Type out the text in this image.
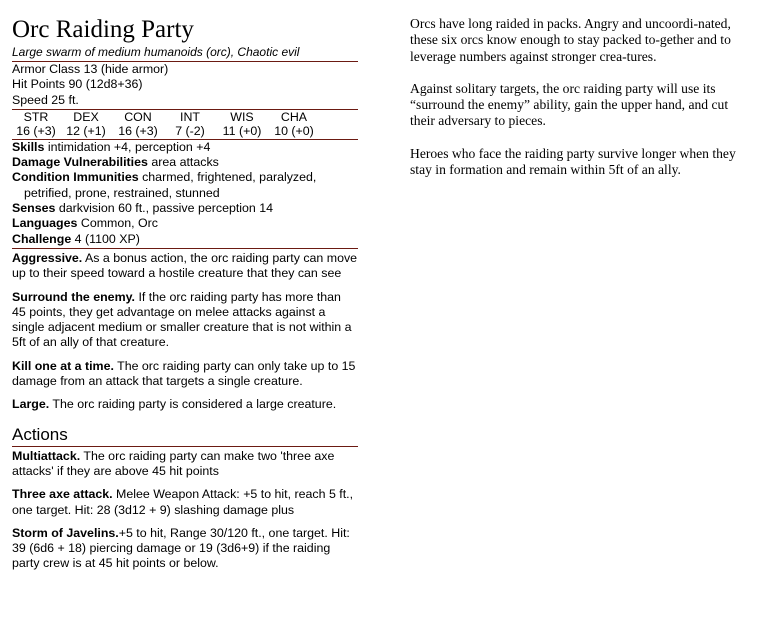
Orc Raiding Party
Large swarm of medium humanoids (orc), Chaotic evil
Armor Class 13 (hide armor)
Hit Points 90 (12d8+36)
Speed 25 ft.
STR
16 (+3)
DEX
12 (+1)
CON
16 (+3)
INT
7 (-2)
WIS
11 (+0)
CHA
10 (+0)
Skills intimidation +4, perception +4
Damage Vulnerabilities area attacks
Condition Immunities charmed, frightened, paralyzed,
petrified, prone, restrained, stunned
Senses darkvision 60 ft., passive perception 14
Languages Common, Orc
Challenge 4 (1100 XP)

Aggressive. As a bonus action, the orc raiding party can move up to their speed toward a hostile creature that they can see

Surround the enemy. If the orc raiding party has more than 45 points, they get advantage on melee attacks against a single adjacent medium or smaller creature that is not within a 5ft of an ally of that creature.

Kill one at a time. The orc raiding party can only take up to 15 damage from an attack that targets a single creature.

Large. The orc raiding party is considered a large creature.

Actions

Multiattack. The orc raiding party can make two 'three axe attacks' if they are above 45 hit points

Three axe attack. Melee Weapon Attack: +5 to hit, reach 5 ft., one target. Hit: 28 (3d12 + 9) slashing damage plus

Storm of Javelins.+5 to hit, Range 30/120 ft., one target. Hit: 39 (6d6 + 18) piercing damage or 19 (3d6+9) if the raiding party crew is at 45 hit points or below.

Orcs have long raided in packs. Angry and uncoordi-nated, these six orcs know enough to stay packed to-gether and to leverage numbers against stronger crea-tures.

Against solitary targets, the orc raiding party will use its “surround the enemy” ability, gain the upper hand, and cut their adversary to pieces.

Heroes who face the raiding party survive longer when they stay in formation and remain within 5ft of an ally.
